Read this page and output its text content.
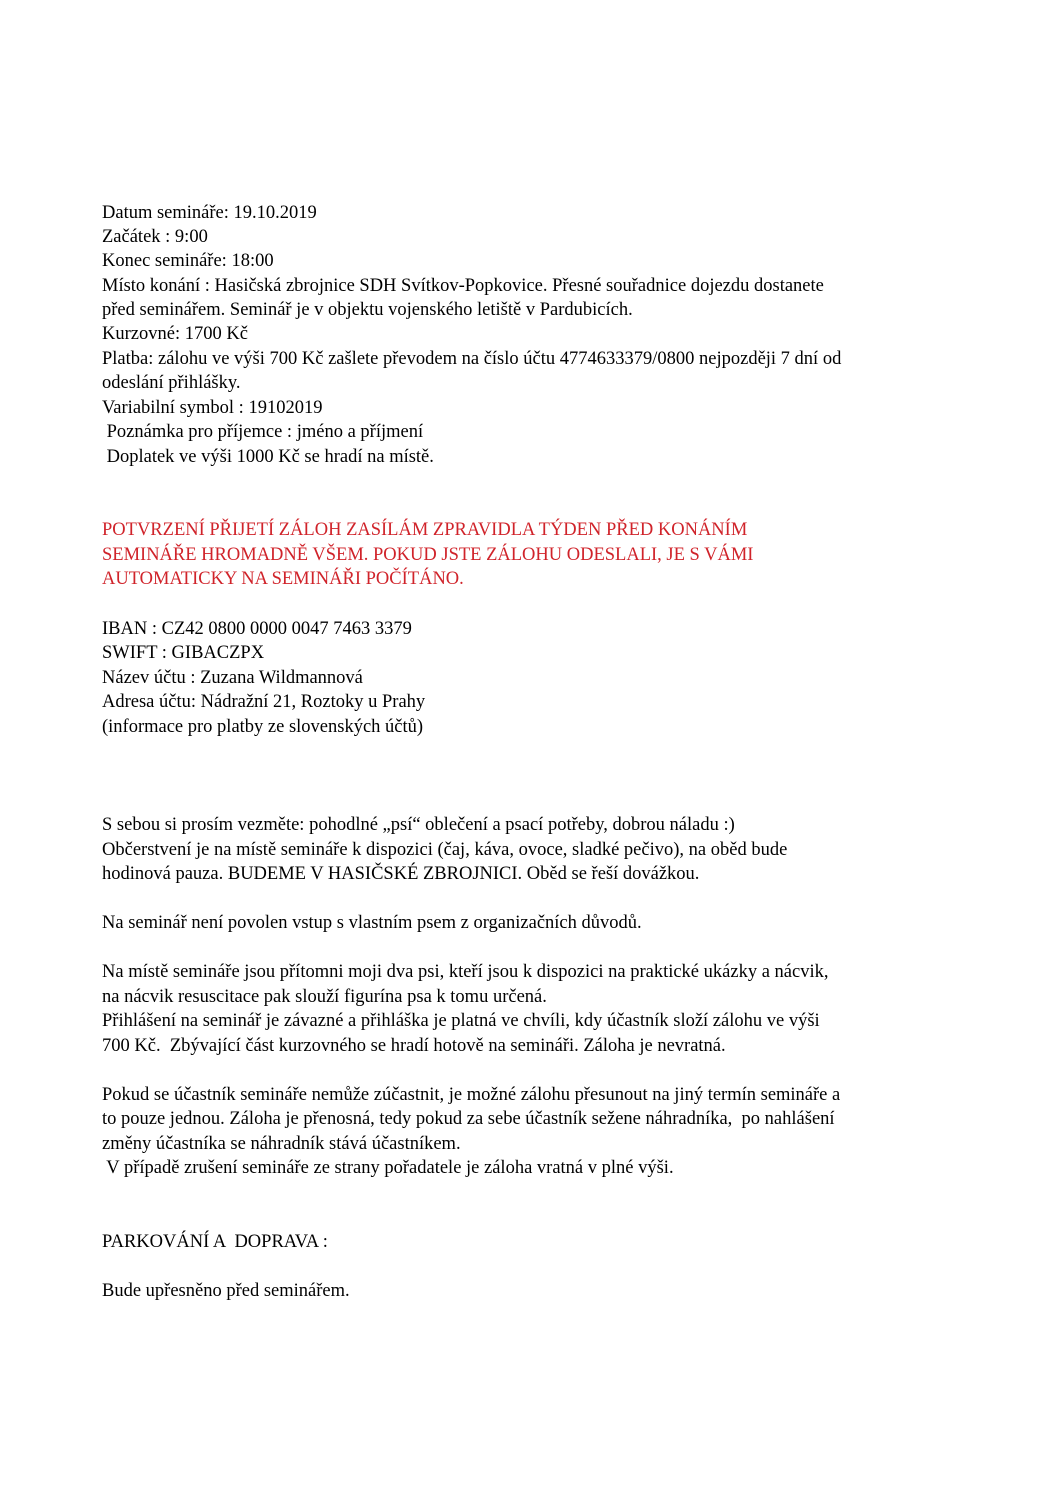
Datum semináře: 19.10.2019
Začátek : 9:00
Konec semináře: 18:00
Místo konání : Hasičská zbrojnice SDH Svítkov-Popkovice. Přesné souřadnice dojezdu dostanete
před seminářem. Seminář je v objektu vojenského letiště v Pardubicích.
Kurzovné: 1700 Kč
Platba: zálohu ve výši 700 Kč zašlete převodem na číslo účtu 4774633379/0800 nejpozději 7 dní od
odeslání přihlášky.
Variabilní symbol : 19102019
Poznámka pro příjemce : jméno a příjmení
Doplatek ve výši 1000 Kč se hradí na místě.
POTVRZENÍ PŘIJETÍ ZÁLOH ZASÍLÁM ZPRAVIDLA TÝDEN PŘED KONÁNÍM
SEMINÁŘE HROMADNĚ VŠEM. POKUD JSTE ZÁLOHU ODESLALI, JE S VÁMI
AUTOMATICKY NA SEMINÁŘI POČÍTÁNO.
IBAN : CZ42 0800 0000 0047 7463 3379
SWIFT : GIBACZPX
Název účtu : Zuzana Wildmannová
Adresa účtu: Nádražní 21, Roztoky u Prahy
(informace pro platby ze slovenských účtů)
S sebou si prosím vezměte: pohodlné „psí“ oblečení a psací potřeby, dobrou náladu :)
Občerstvení je na místě semináře k dispozici (čaj, káva, ovoce, sladké pečivo), na oběd bude
hodinová pauza. BUDEME V HASIČSKÉ ZBROJNICI. Oběd se řeší dovážkou.
Na seminář není povolen vstup s vlastním psem z organizačních důvodů.
Na místě semináře jsou přítomni moji dva psi, kteří jsou k dispozici na praktické ukázky a nácvik,
na nácvik resuscitace pak slouží figurína psa k tomu určená.
Přihlášení na seminář je závazné a přihláška je platná ve chvíli, kdy účastník složí zálohu ve výši
700 Kč.  Zbývající část kurzovného se hradí hotově na semináři. Záloha je nevratná.
Pokud se účastník semináře nemůže zúčastnit, je možné zálohu přesunout na jiný termín semináře a
to pouze jednou. Záloha je přenosná, tedy pokud za sebe účastník sežene náhradníka,  po nahlášení
změny účastníka se náhradník stává účastníkem.
V případě zrušení semináře ze strany pořadatele je záloha vratná v plné výši.
PARKOVÁNÍ A  DOPRAVA :
Bude upřesněno před seminářem.
